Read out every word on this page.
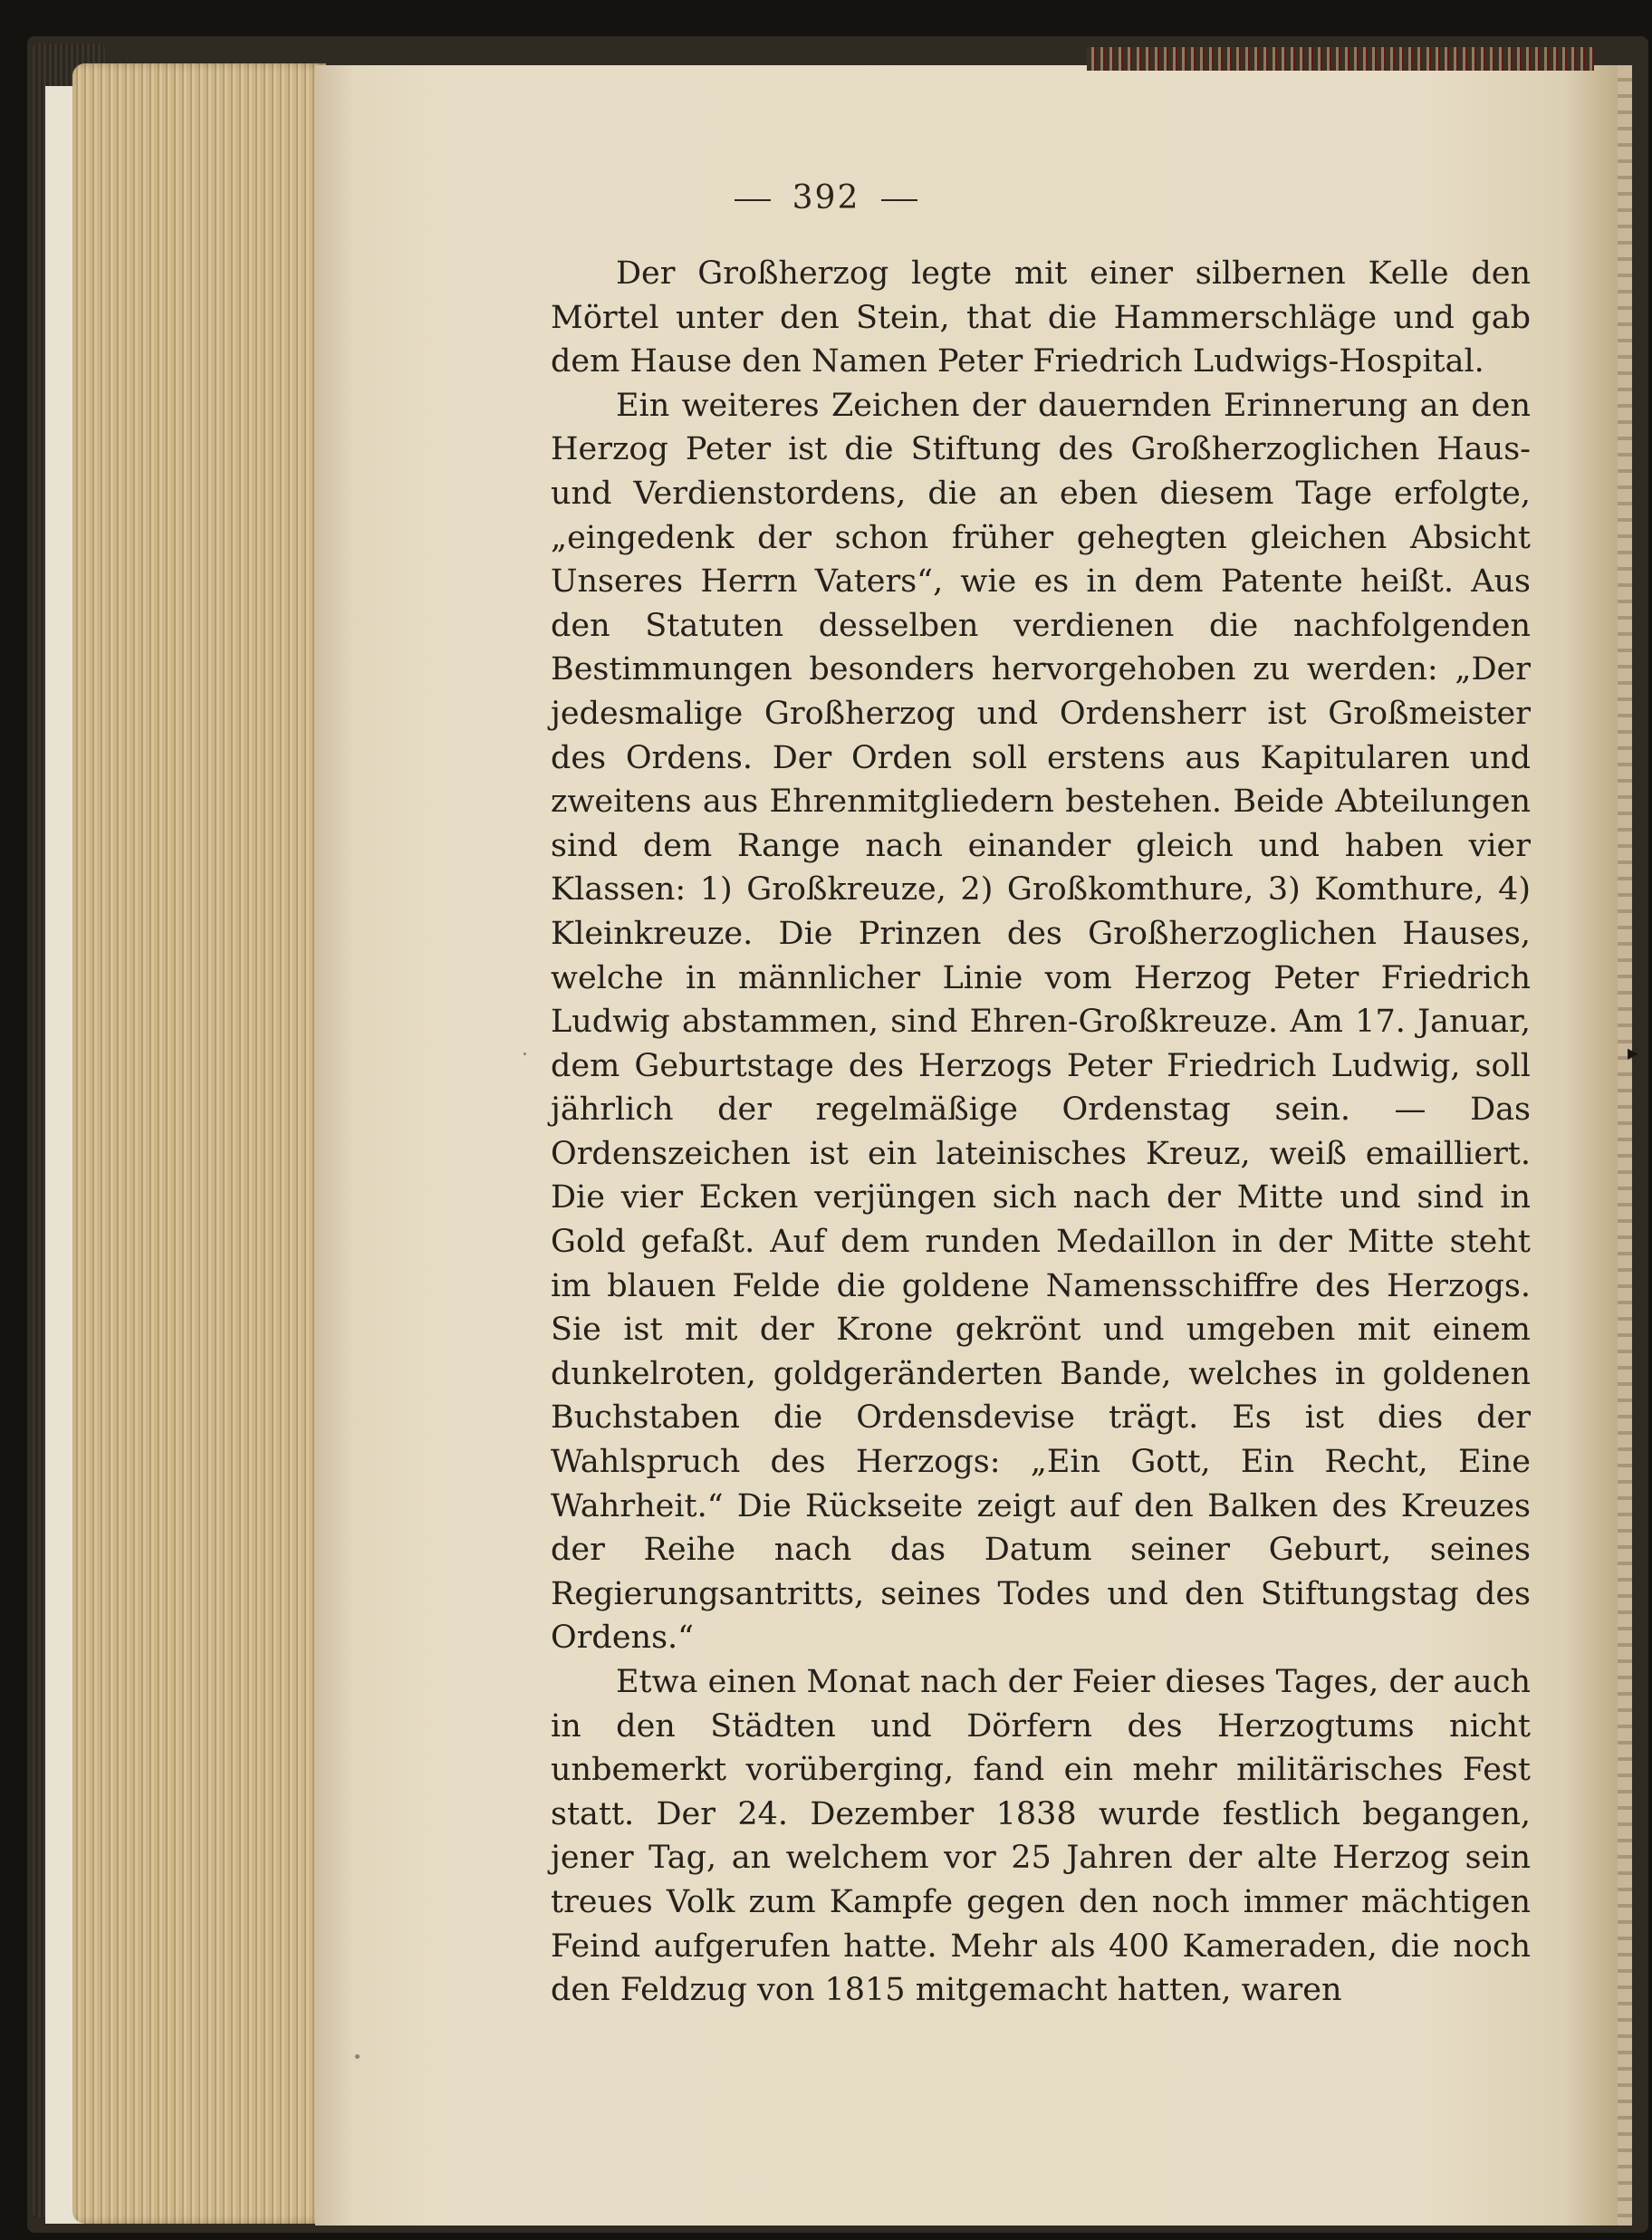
392

Der Großherzog legte mit einer silbernen Kelle den Mörtel unter den Stein, that die Hammerschläge und gab dem Hause den Namen Peter Friedrich Ludwigs-Hospital.

Ein weiteres Zeichen der dauernden Erinnerung an den Herzog Peter ist die Stiftung des Großherzoglichen Haus- und Verdienstordens, die an eben diesem Tage erfolgte, „eingedenk der schon früher gehegten gleichen Absicht Unseres Herrn Vaters“, wie es in dem Patente heißt. Aus den Statuten desselben verdienen die nachfolgenden Bestimmungen besonders hervorgehoben zu werden: „Der jedesmalige Großherzog und Ordensherr ist Großmeister des Ordens. Der Orden soll erstens aus Kapitularen und zweitens aus Ehrenmitgliedern bestehen. Beide Abteilungen sind dem Range nach einander gleich und haben vier Klassen: 1) Großkreuze, 2) Großkomthure, 3) Komthure, 4) Kleinkreuze. Die Prinzen des Großherzoglichen Hauses, welche in männlicher Linie vom Herzog Peter Friedrich Ludwig abstammen, sind Ehren-Großkreuze. Am 17. Januar, dem Geburtstage des Herzogs Peter Friedrich Ludwig, soll jährlich der regelmäßige Ordenstag sein. — Das Ordenszeichen ist ein lateinisches Kreuz, weiß emailliert. Die vier Ecken verjüngen sich nach der Mitte und sind in Gold gefaßt. Auf dem runden Medaillon in der Mitte steht im blauen Felde die goldene Namensschiffre des Herzogs. Sie ist mit der Krone gekrönt und umgeben mit einem dunkelroten, goldgeränderten Bande, welches in goldenen Buchstaben die Ordensdevise trägt. Es ist dies der Wahlspruch des Herzogs: „Ein Gott, Ein Recht, Eine Wahrheit.“ Die Rückseite zeigt auf den Balken des Kreuzes der Reihe nach das Datum seiner Geburt, seines Regierungsantritts, seines Todes und den Stiftungstag des Ordens.“

Etwa einen Monat nach der Feier dieses Tages, der auch in den Städten und Dörfern des Herzogtums nicht unbemerkt vorüberging, fand ein mehr militärisches Fest statt. Der 24. Dezember 1838 wurde festlich begangen, jener Tag, an welchem vor 25 Jahren der alte Herzog sein treues Volk zum Kampfe gegen den noch immer mächtigen Feind aufgerufen hatte. Mehr als 400 Kameraden, die noch den Feldzug von 1815 mitgemacht hatten, waren

▸
